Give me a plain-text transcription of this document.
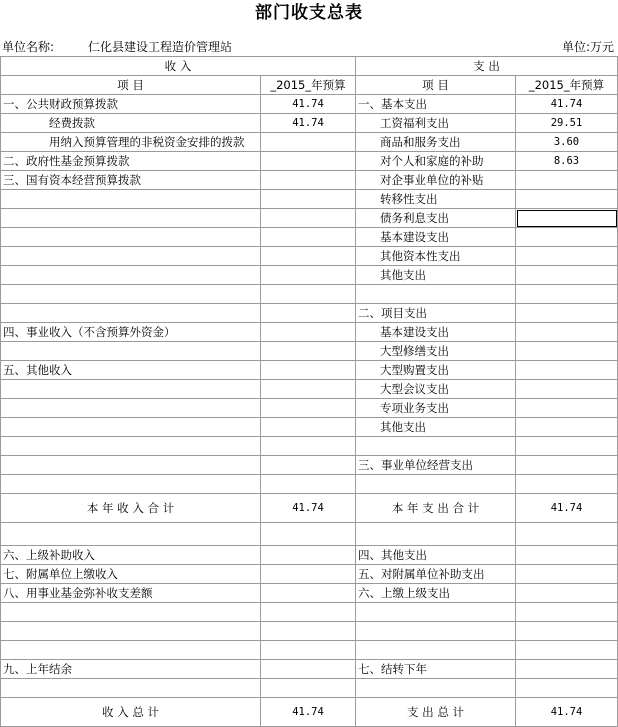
部门收支总表
单位名称:	仁化县建设工程造价管理站	单位:万元
收 入		支 出	
项 目	_2015_年预算	项 目	_2015_年预算
一、公共财政预算拨款	41.74	一、基本支出	41.74
经费拨款	41.74	工资福利支出	29.51
用纳入预算管理的非税资金安排的拨款		商品和服务支出	3.60
二、政府性基金预算拨款		对个人和家庭的补助	8.63
三、国有资本经营预算拨款		对企事业单位的补贴	
		转移性支出	
		债务利息支出	
		基本建设支出	
		其他资本性支出	
		其他支出	

		二、项目支出	
四、事业收入（不含预算外资金）		基本建设支出	
		大型修缮支出	
五、其他收入		大型购置支出	
		大型会议支出	
		专项业务支出	
		其他支出	

		三、事业单位经营支出	

本 年 收 入 合 计	41.74	本 年 支 出 合 计	41.74

六、上级补助收入		四、其他支出	
七、附属单位上缴收入		五、对附属单位补助支出	
八、用事业基金弥补收支差额		六、上缴上级支出	

九、上年结余		七、结转下年	

收 入 总 计	41.74	支 出 总 计	41.74
